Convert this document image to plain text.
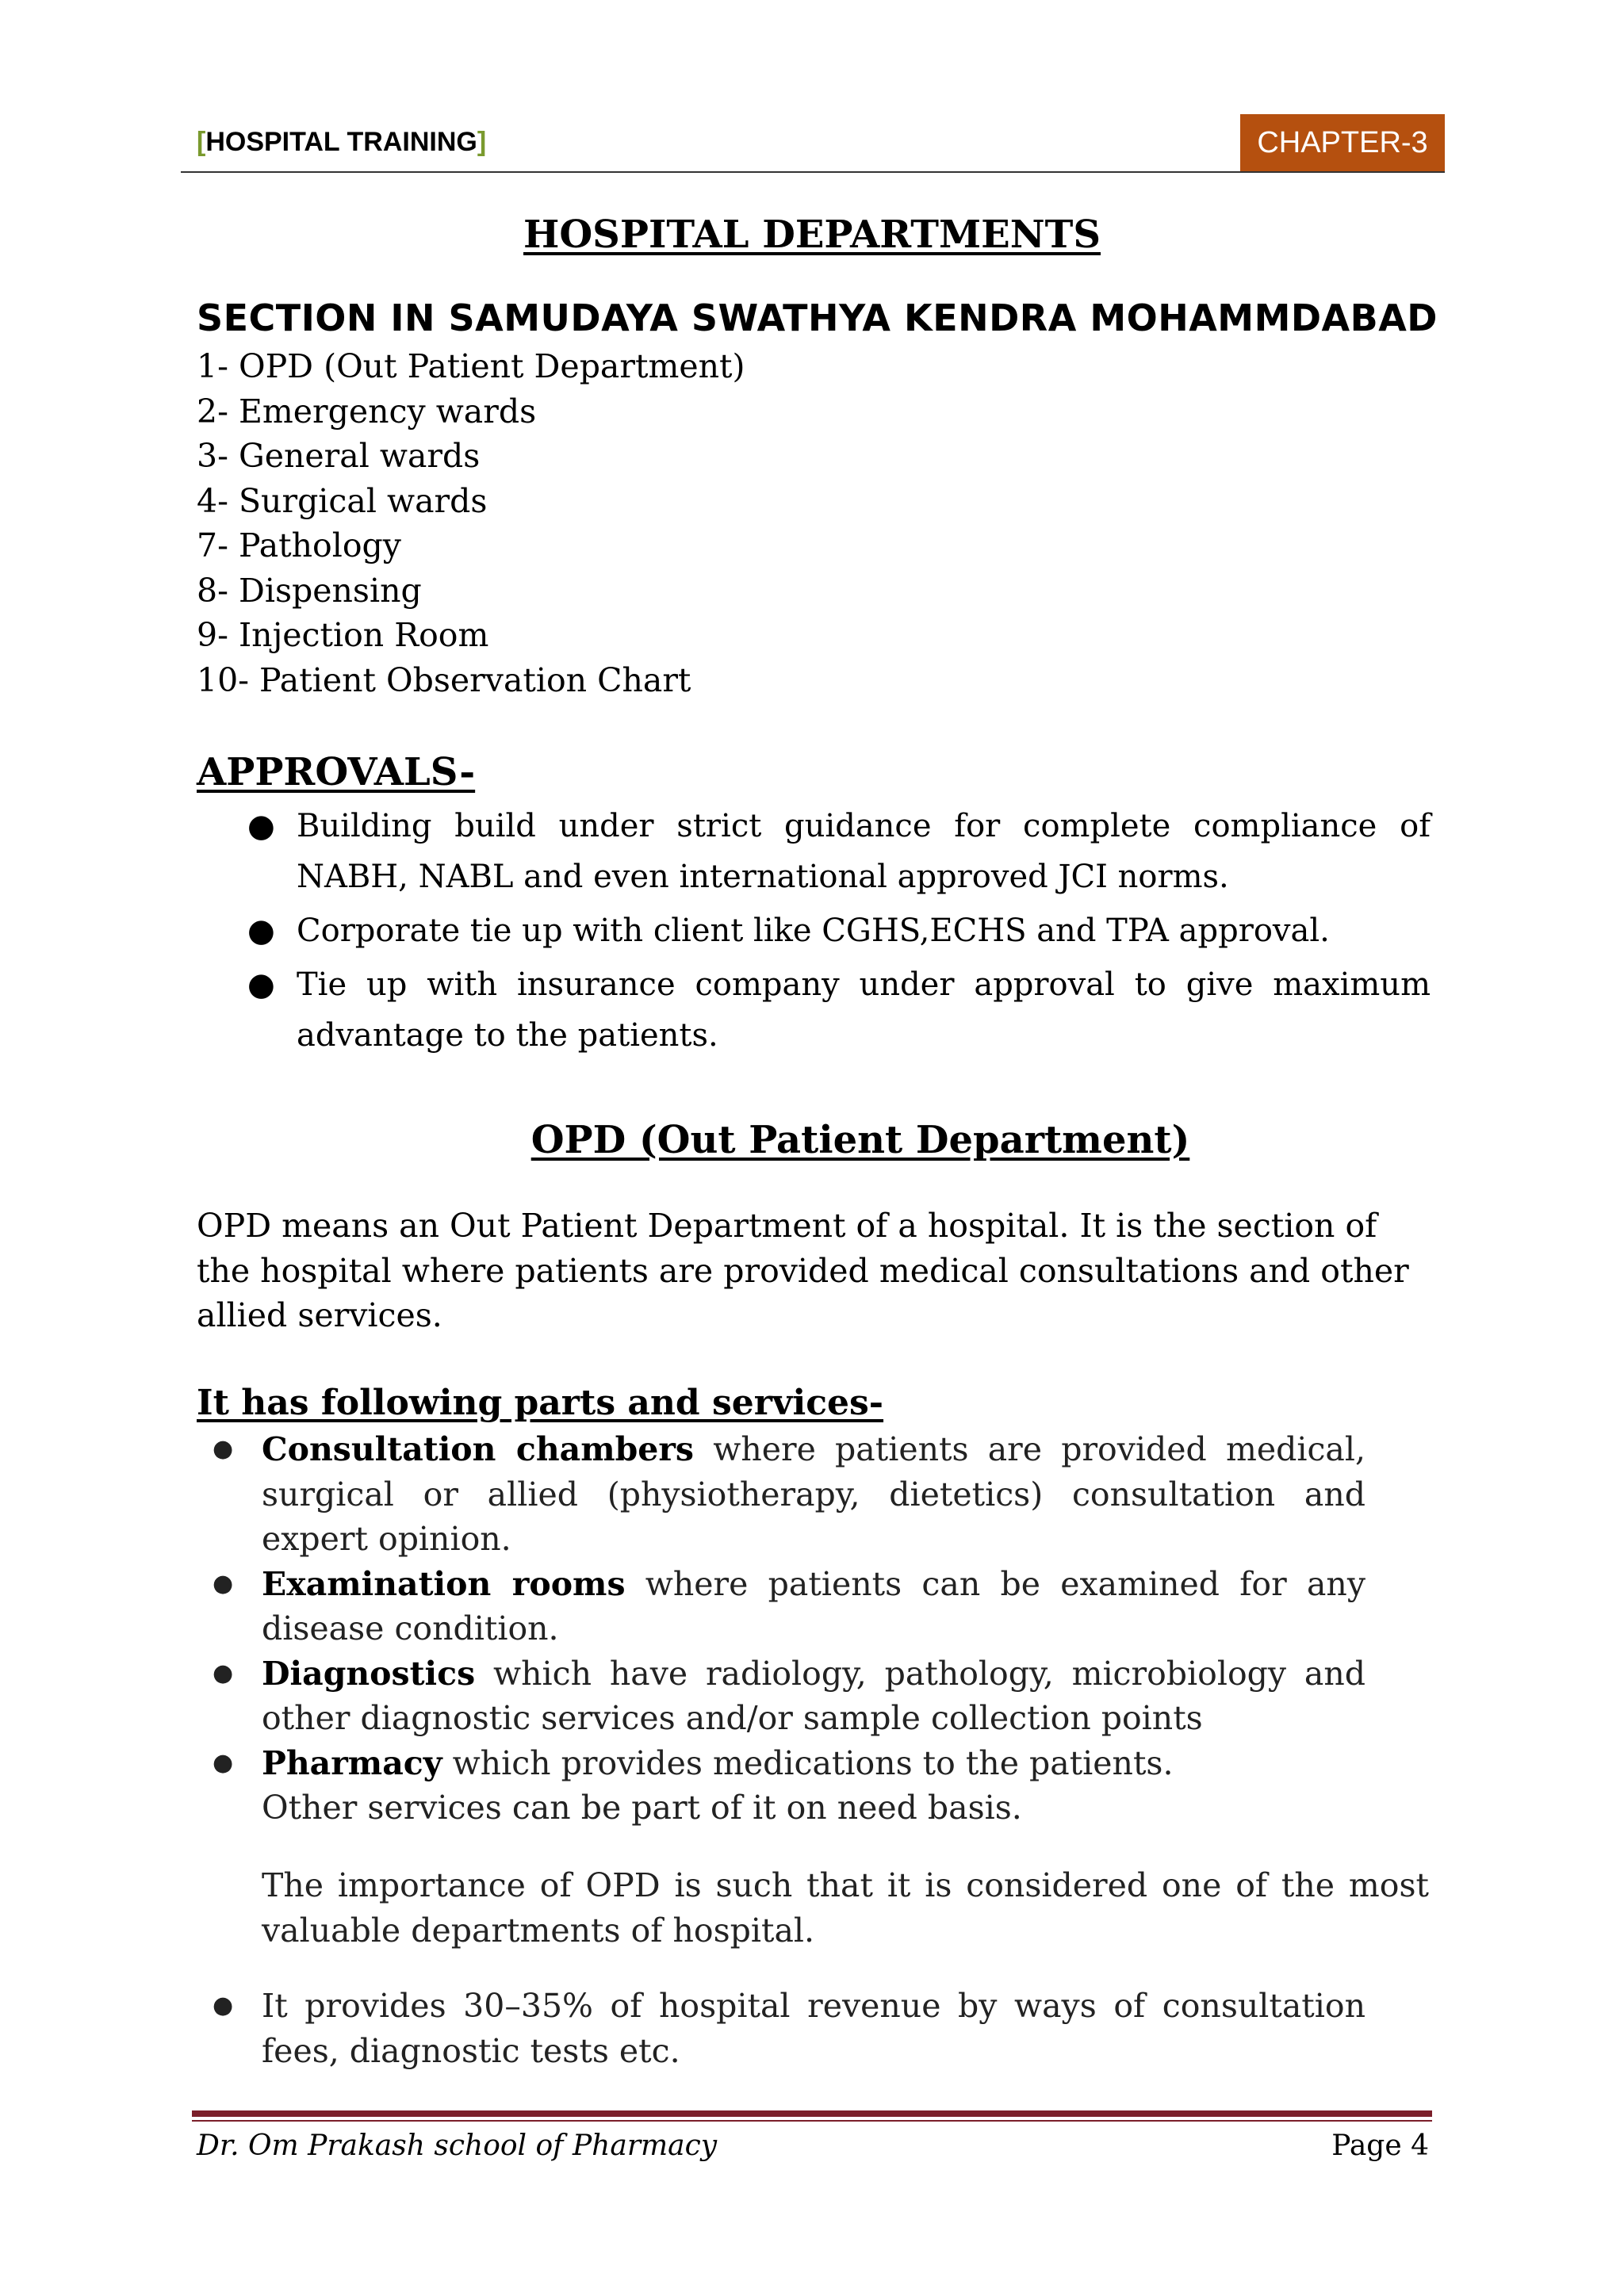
[HOSPITAL TRAINING]	CHAPTER-3
HOSPITAL DEPARTMENTS
SECTION IN SAMUDAYA SWATHYA KENDRA MOHAMMDABAD
1- OPD (Out Patient Department)
2- Emergency wards
3- General wards
4- Surgical wards
7- Pathology
8- Dispensing
9- Injection Room
10- Patient Observation Chart
APPROVALS-
● Building build under strict guidance for complete compliance of NABH, NABL and even international approved JCI norms.
● Corporate tie up with client like CGHS,ECHS and TPA approval.
● Tie up with insurance company under approval to give maximum advantage to the patients.
OPD (Out Patient Department)

OPD means an Out Patient Department of a hospital. It is the section of the hospital where patients are provided medical consultations and other allied services.

It has following parts and services-
● Consultation chambers where patients are provided medical, surgical or allied (physiotherapy, dietetics) consultation and expert opinion.
● Examination rooms where patients can be examined for any disease condition.
● Diagnostics which have radiology, pathology, microbiology and other diagnostic services and/or sample collection points
● Pharmacy which provides medications to the patients.
Other services can be part of it on need basis.

The importance of OPD is such that it is considered one of the most valuable departments of hospital.

● It provides 30–35% of hospital revenue by ways of consultation fees, diagnostic tests etc.
Dr. Om Prakash school of Pharmacy	Page 4
